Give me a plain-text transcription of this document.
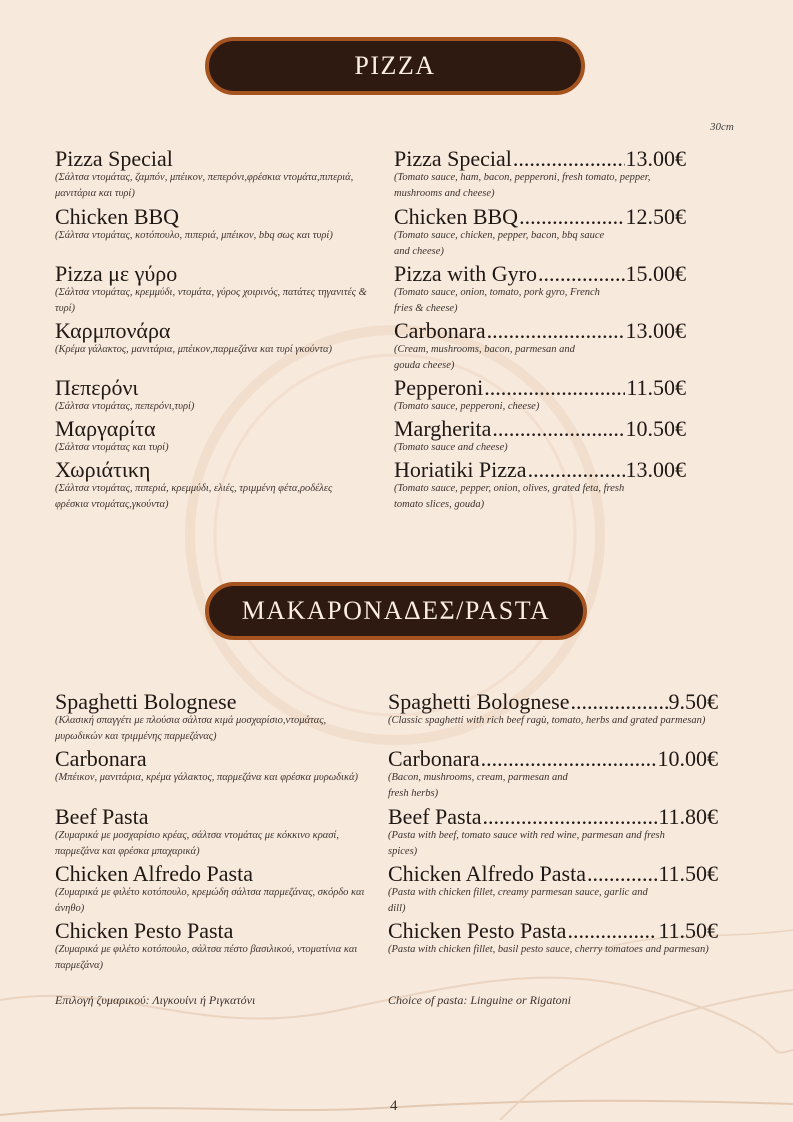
PIZZA
30cm
Pizza Special
(Σάλτσα ντομάτας, ζαμπόν, μπέικον, πεπερόνι,φρέσκια ντομάτα,πιπεριά, μανιτάρια και τυρί)
Chicken BBQ
(Σάλτσα ντομάτας, κοτόπουλο, πιπεριά, μπέικον, bbq σως και τυρί)
Pizza με γύρο
(Σάλτσα ντομάτας, κρεμμύδι, ντομάτα, γύρος χοιρινός, πατάτες τηγανιτές & τυρί)
Καρμπονάρα
(Κρέμα γάλακτος, μανιτάρια, μπέικον,παρμεζάνα και τυρί γκούντα)
Πεπερόνι
(Σάλτσα ντομάτας, πεπερόνι,τυρί)
Μαργαρίτα
(Σάλτσα ντομάτας και τυρί)
Χωριάτικη
(Σάλτσα ντομάτας, πιπεριά, κρεμμύδι, ελιές, τριμμένη φέτα,ροδέλες φρέσκια ντομάτας,γκούντα)
Pizza Special .....	13.00€
(Tomato sauce, ham, bacon, pepperoni, fresh tomato, pepper, mushrooms and cheese)
Chicken BBQ .....	12.50€
(Tomato sauce, chicken, pepper, bacon, bbq sauce and cheese)
Pizza with Gyro .....	15.00€
(Tomato sauce, onion, tomato, pork gyro, French fries & cheese)
Carbonara .....	13.00€
(Cream, mushrooms, bacon, parmesan and gouda cheese)
Pepperoni .....	11.50€
(Tomato sauce, pepperoni, cheese)
Margherita .....	10.50€
(Tomato sauce and cheese)
Horiatiki Pizza .....	13.00€
(Tomato sauce, pepper, onion, olives, grated feta, fresh tomato slices, gouda)
ΜΑΚΑΡΟΝΑΔΕΣ/PASTA
Spaghetti Bolognese
(Κλασική σπαγγέτι με πλούσια σάλτσα κιμά μοσχαρίσιο,ντομάτας, μυρωδικών και τριμμένης παρμεζάνας)
Carbonara
(Μπέικον, μανιτάρια, κρέμα γάλακτος, παρμεζάνα και φρέσκα μυρωδικά)
Beef Pasta
(Ζυμαρικά με μοσχαρίσιο κρέας, σάλτσα ντομάτας με κόκκινο κρασί, παρμεζάνα και φρέσκα μπαχαρικά)
Chicken Alfredo Pasta
(Ζυμαρικά με φιλέτο κοτόπουλο, κρεμώδη σάλτσα παρμεζάνας, σκόρδο και άνηθο)
Chicken Pesto Pasta
(Ζυμαρικά με φιλέτο κοτόπουλο, σάλτσα πέστο βασιλικού, ντοματίνια και παρμεζάνα)
Επιλογή ζυμαρικού: Λιγκουίνι ή Ριγκατόνι
Spaghetti Bolognese .....	9.50€
(Classic spaghetti with rich beef ragù, tomato, herbs and grated parmesan)
Carbonara .....	10.00€
(Bacon, mushrooms, cream, parmesan and fresh herbs)
Beef Pasta .....	11.80€
(Pasta with beef, tomato sauce with red wine, parmesan and fresh spices)
Chicken Alfredo Pasta .....	11.50€
(Pasta with chicken fillet, creamy parmesan sauce, garlic and dill)
Chicken Pesto Pasta .....	11.50€
(Pasta with chicken fillet, basil pesto sauce, cherry tomatoes and parmesan)
Choice of pasta: Linguine or Rigatoni
4
